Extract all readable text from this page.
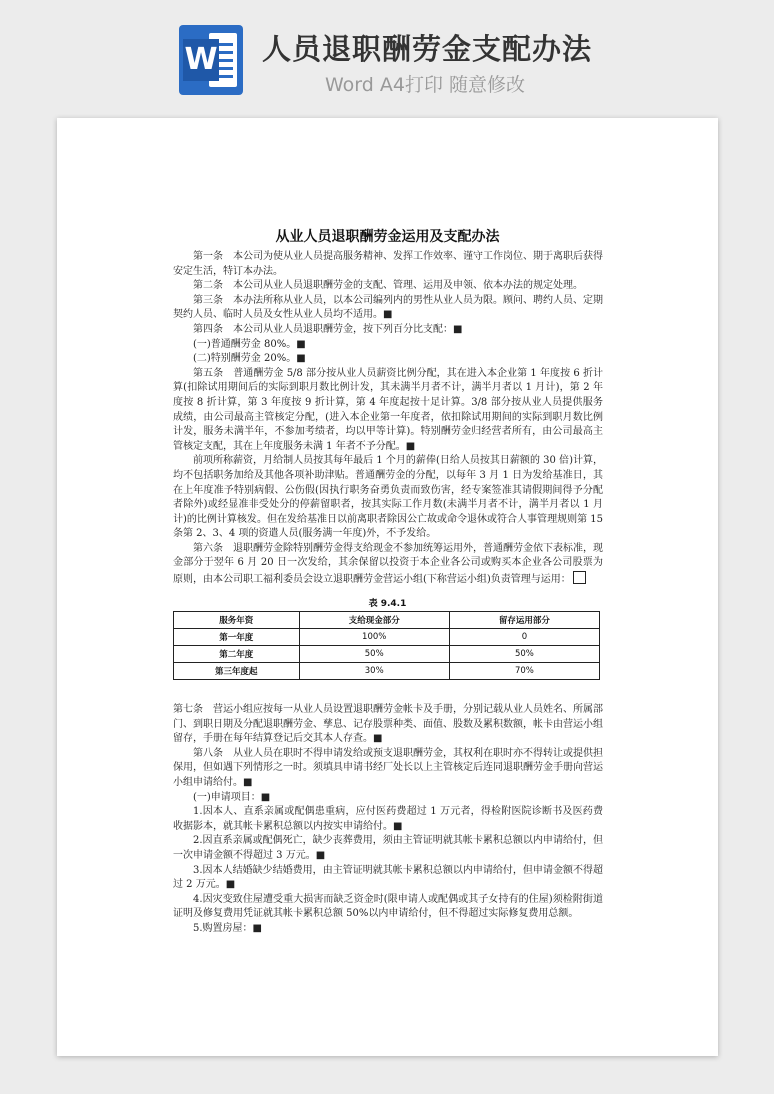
W 人员退职酬劳金支配办法
Word A4打印 随意修改
从业人员退职酬劳金运用及支配办法

第一条　本公司为使从业人员提高服务精神、发挥工作效率、谨守工作岗位、期于离职后获得安定生活，特订本办法。

第二条　本公司从业人员退职酬劳金的支配、管理、运用及申领、依本办法的规定处理。

第三条　本办法所称从业人员，以本公司编列内的男性从业人员为限。顾问、聘约人员、定期契约人员、临时人员及女性从业人员均不适用。■

第四条　本公司从业人员退职酬劳金，按下列百分比支配：■

(一)普通酬劳金 80%。■

(二)特别酬劳金 20%。■

第五条　普通酬劳金 5/8 部分按从业人员薪资比例分配，其在进入本企业第 1 年度按 6 折计算(扣除试用期间后的实际到职月数比例计发，其未满半月者不计，满半月者以 1 月计)，第 2 年度按 8 折计算，第 3 年度按 9 折计算，第 4 年度起按十足计算。3/8 部分按从业人员提供服务成绩，由公司最高主管核定分配，(进入本企业第一年度者，依扣除试用期间的实际到职月数比例计发，服务未满半年，不参加考绩者，均以甲等计算)。特别酬劳金归经营者所有，由公司最高主管核定支配，其在上年度服务未满 1 年者不予分配。■

前项所称薪资，月给制人员按其每年最后 1 个月的薪俸(日给人员按其日薪额的 30 倍)计算，均不包括职务加给及其他各项补助津贴。普通酬劳金的分配，以每年 3 月 1 日为发给基准日，其在上年度准予特别病假、公伤假(因执行职务奋勇负责而致伤害，经专案签准其请假期间得予分配者除外)或经显准非受处分的停薪留职者，按其实际工作月数(未满半月者不计，满半月者以 1 月计)的比例计算核发。但在发给基准日以前离职者除因公亡故或命令退休或符合人事管理规则第 15 条第 2、3、4 项的资遣人员(服务满一年度)外，不予发给。

第六条　退职酬劳金除特别酬劳金得支给现金不参加统筹运用外，普通酬劳金依下表标准，现金部分于翌年 6 月 20 日一次发给，其余保留以投资于本企业各公司或购买本企业各公司股票为原则，由本公司职工福利委员会设立退职酬劳金营运小组(下称营运小组)负责管理与运用：

表 9.4.1
服务年资	支给现金部分	留存运用部分
第一年度	100%	0
第二年度	50%	50%
第三年度起	30%	70%

第七条　营运小组应按每一从业人员设置退职酬劳金帐卡及手册，分别记载从业人员姓名、所属部门、到职日期及分配退职酬劳金、孳息、记存股票种类、面值、股数及累积数额，帐卡由营运小组留存，手册在每年结算登记后交其本人存查。■

第八条　从业人员在职时不得申请发给或预支退职酬劳金，其权利在职时亦不得转让或提供担保用，但如遇下列情形之一时。须填具申请书经厂处长以上主管核定后连同退职酬劳金手册向营运小组申请给付。■

(一)申请项目：■

1.因本人、直系亲属或配偶患重病，应付医药费超过 1 万元者，得检附医院诊断书及医药费收据影本，就其帐卡累积总额以内按实申请给付。■

2.因直系亲属或配偶死亡，缺少丧葬费用，须由主管证明就其帐卡累积总额以内申请给付，但一次申请金额不得超过 3 万元。■

3.因本人结婚缺少结婚费用，由主管证明就其帐卡累积总额以内申请给付，但申请金额不得超过 2 万元。■

4.因灾变致住屋遭受重大损害而缺乏资金时(限申请人或配偶或其子女持有的住屋)须检附街道证明及修复费用凭证就其帐卡累积总额 50%以内申请给付，但不得超过实际修复费用总额。

5.购置房屋：■
